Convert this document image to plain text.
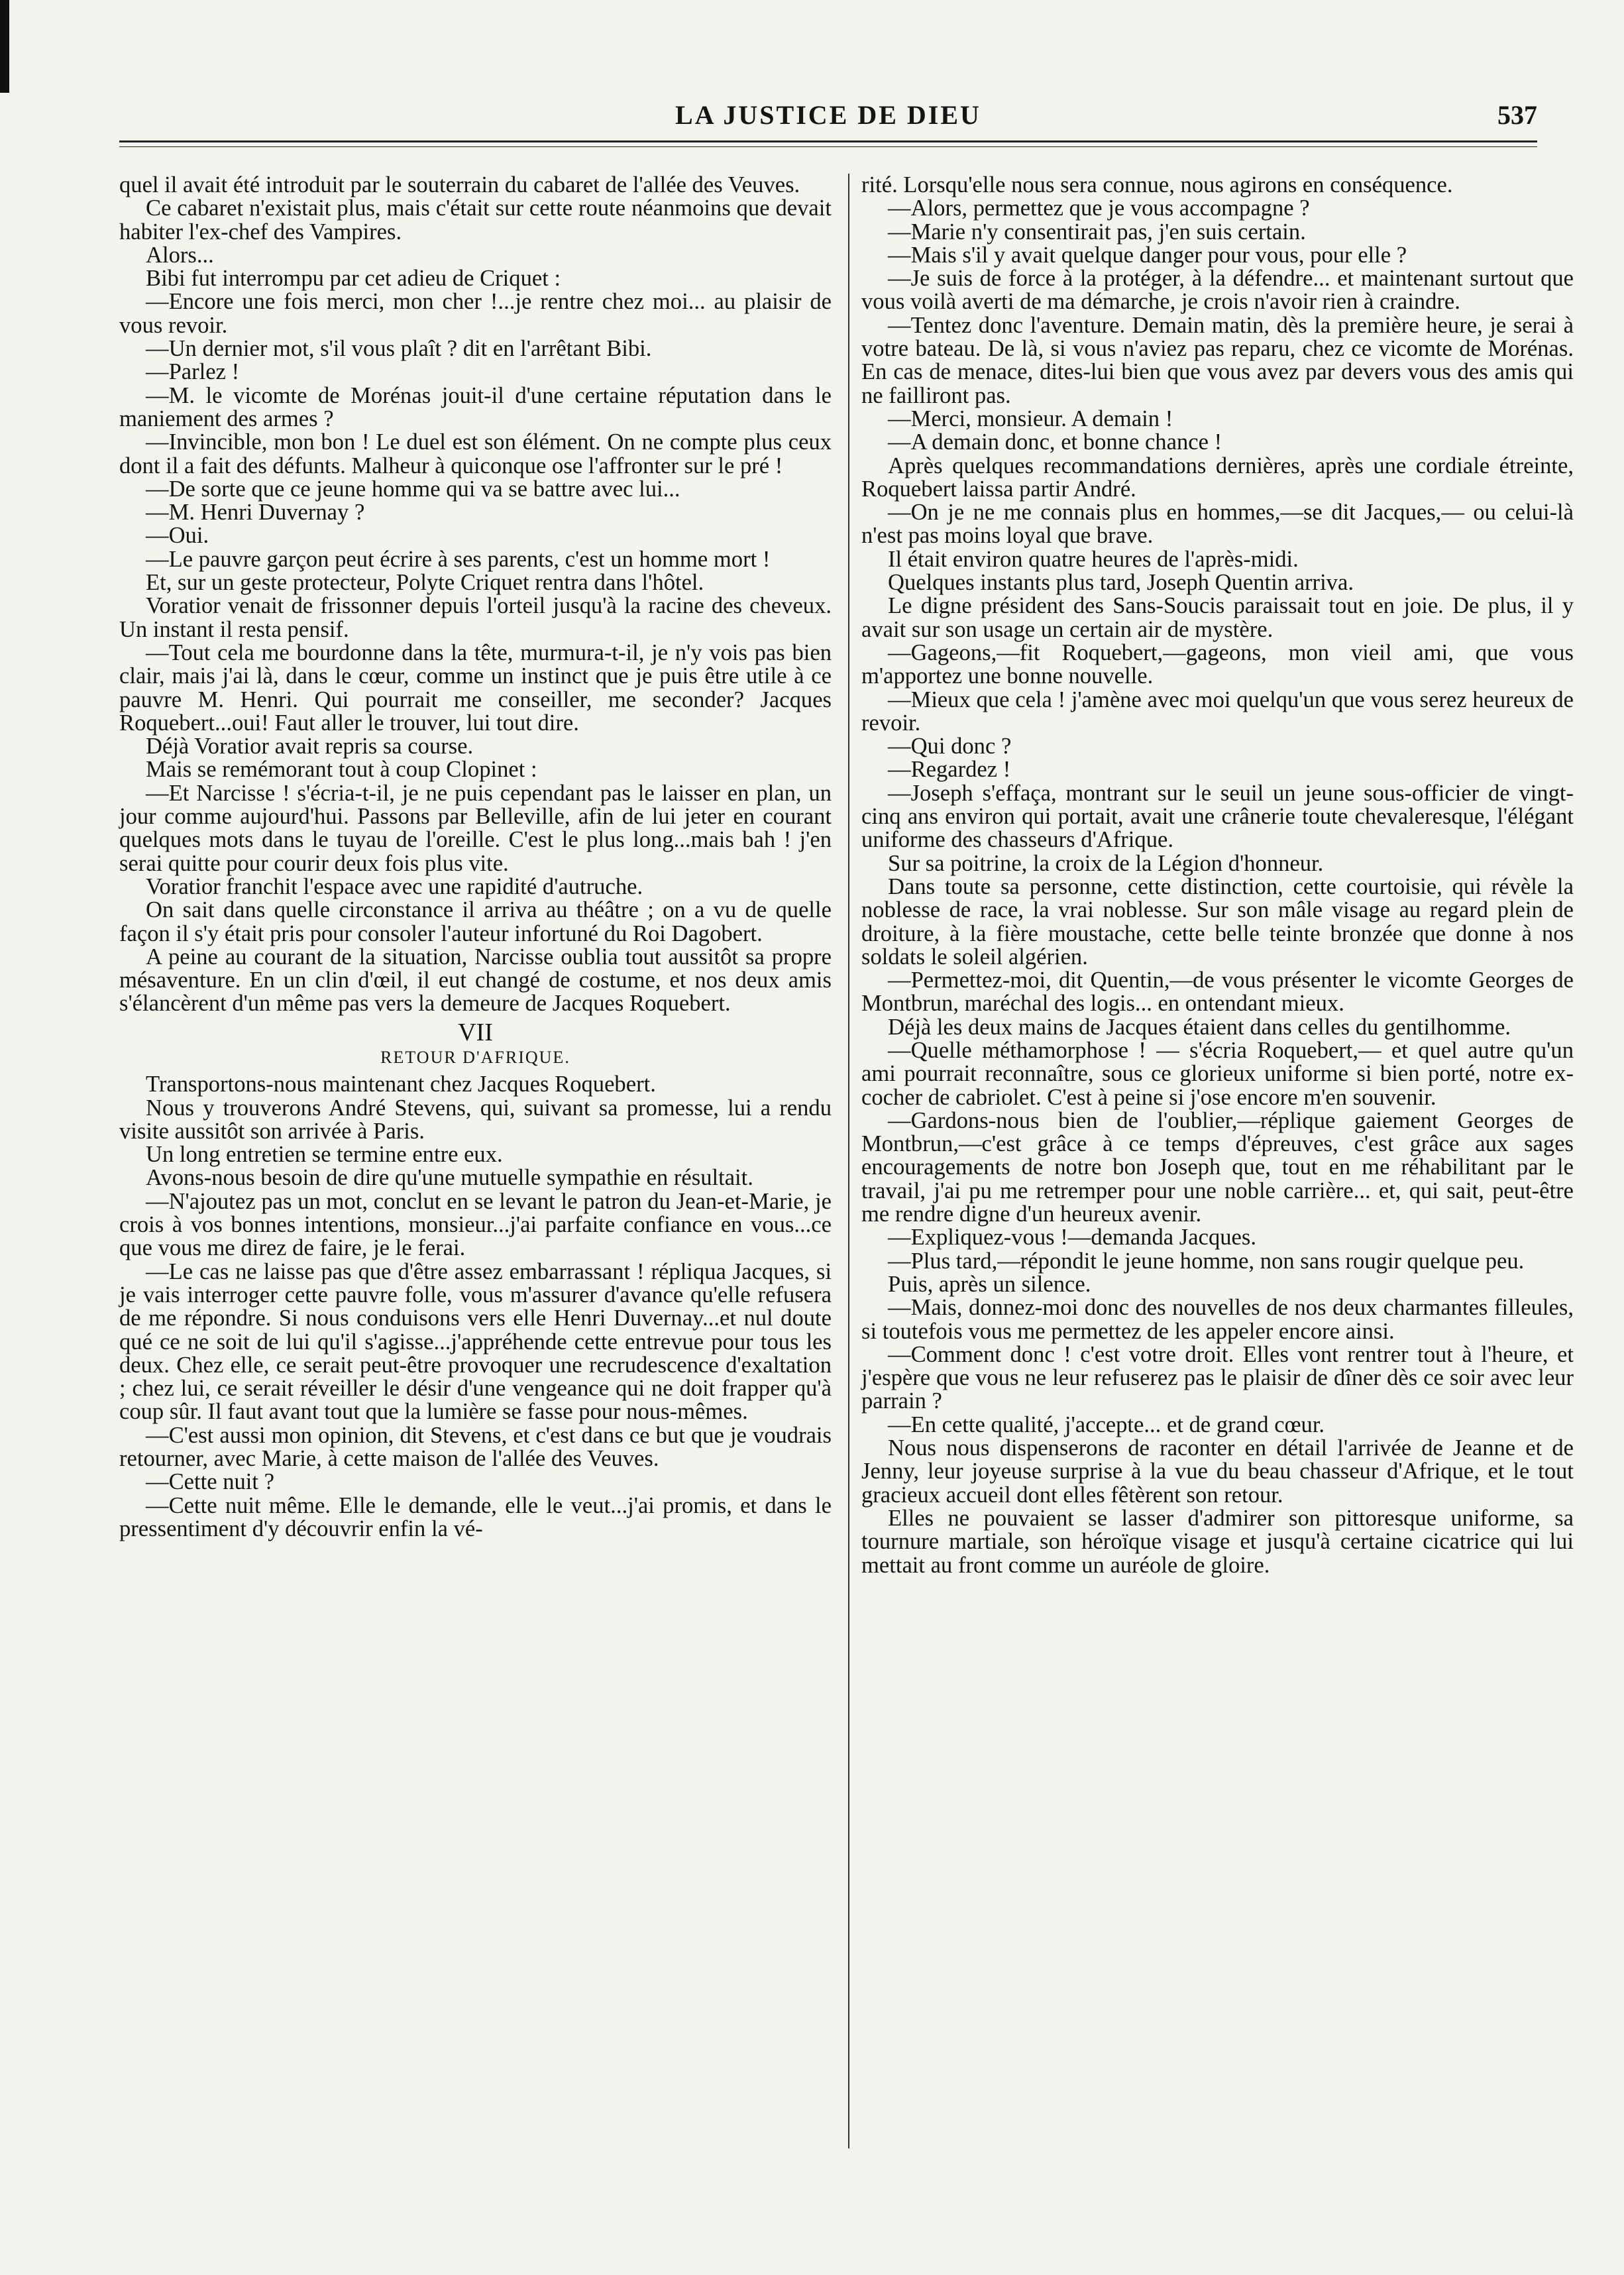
LA JUSTICE DE DIEU	537

quel il avait été introduit par le souterrain du cabaret de l'allée des Veuves.

Ce cabaret n'existait plus, mais c'était sur cette route néanmoins que devait habiter l'ex-chef des Vampires.

Alors...

Bibi fut interrompu par cet adieu de Criquet :

—Encore une fois merci, mon cher !...je rentre chez moi... au plaisir de vous revoir.

—Un dernier mot, s'il vous plaît ? dit en l'arrêtant Bibi.

—Parlez !

—M. le vicomte de Morénas jouit-il d'une certaine réputation dans le maniement des armes ?

—Invincible, mon bon ! Le duel est son élément. On ne compte plus ceux dont il a fait des défunts. Malheur à quiconque ose l'affronter sur le pré !

—De sorte que ce jeune homme qui va se battre avec lui...

—M. Henri Duvernay ?

—Oui.

—Le pauvre garçon peut écrire à ses parents, c'est un homme mort !

Et, sur un geste protecteur, Polyte Criquet rentra dans l'hôtel.

Voratior venait de frissonner depuis l'orteil jusqu'à la racine des cheveux. Un instant il resta pensif.

—Tout cela me bourdonne dans la tête, murmura-t-il, je n'y vois pas bien clair, mais j'ai là, dans le cœur, comme un instinct que je puis être utile à ce pauvre M. Henri. Qui pourrait me conseiller, me seconder? Jacques Roquebert...oui! Faut aller le trouver, lui tout dire.

Déjà Voratior avait repris sa course.

Mais se remémorant tout à coup Clopinet :

—Et Narcisse ! s'écria-t-il, je ne puis cependant pas le laisser en plan, un jour comme aujourd'hui. Passons par Belleville, afin de lui jeter en courant quelques mots dans le tuyau de l'oreille. C'est le plus long...mais bah ! j'en serai quitte pour courir deux fois plus vite.

Voratior franchit l'espace avec une rapidité d'autruche.

On sait dans quelle circonstance il arriva au théâtre ; on a vu de quelle façon il s'y était pris pour consoler l'auteur infortuné du Roi Dagobert.

A peine au courant de la situation, Narcisse oublia tout aussitôt sa propre mésaventure. En un clin d'œil, il eut changé de costume, et nos deux amis s'élancèrent d'un même pas vers la demeure de Jacques Roquebert.

VII

RETOUR D'AFRIQUE.

Transportons-nous maintenant chez Jacques Roquebert.

Nous y trouverons André Stevens, qui, suivant sa promesse, lui a rendu visite aussitôt son arrivée à Paris.

Un long entretien se termine entre eux.

Avons-nous besoin de dire qu'une mutuelle sympathie en résultait.

—N'ajoutez pas un mot, conclut en se levant le patron du Jean-et-Marie, je crois à vos bonnes intentions, monsieur...j'ai parfaite confiance en vous...ce que vous me direz de faire, je le ferai.

—Le cas ne laisse pas que d'être assez embarrassant ! répliqua Jacques, si je vais interroger cette pauvre folle, vous m'assurer d'avance qu'elle refusera de me répondre. Si nous conduisons vers elle Henri Duvernay...et nul doute qué ce ne soit de lui qu'il s'agisse...j'appréhende cette entrevue pour tous les deux. Chez elle, ce serait peut-être provoquer une recrudescence d'exaltation ; chez lui, ce serait réveiller le désir d'une vengeance qui ne doit frapper qu'à coup sûr. Il faut avant tout que la lumière se fasse pour nous-mêmes.

—C'est aussi mon opinion, dit Stevens, et c'est dans ce but que je voudrais retourner, avec Marie, à cette maison de l'allée des Veuves.

—Cette nuit ?

—Cette nuit même. Elle le demande, elle le veut...j'ai promis, et dans le pressentiment d'y découvrir enfin la vé-

rité. Lorsqu'elle nous sera connue, nous agirons en conséquence.

—Alors, permettez que je vous accompagne ?

—Marie n'y consentirait pas, j'en suis certain.

—Mais s'il y avait quelque danger pour vous, pour elle ?

—Je suis de force à la protéger, à la défendre... et maintenant surtout que vous voilà averti de ma démarche, je crois n'avoir rien à craindre.

—Tentez donc l'aventure. Demain matin, dès la première heure, je serai à votre bateau. De là, si vous n'aviez pas reparu, chez ce vicomte de Morénas. En cas de menace, dites-lui bien que vous avez par devers vous des amis qui ne failliront pas.

—Merci, monsieur. A demain !

—A demain donc, et bonne chance !

Après quelques recommandations dernières, après une cordiale étreinte, Roquebert laissa partir André.

—On je ne me connais plus en hommes,—se dit Jacques,— ou celui-là n'est pas moins loyal que brave.

Il était environ quatre heures de l'après-midi.

Quelques instants plus tard, Joseph Quentin arriva.

Le digne président des Sans-Soucis paraissait tout en joie. De plus, il y avait sur son usage un certain air de mystère.

—Gageons,—fit Roquebert,—gageons, mon vieil ami, que vous m'apportez une bonne nouvelle.

—Mieux que cela ! j'amène avec moi quelqu'un que vous serez heureux de revoir.

—Qui donc ?

—Regardez !

—Joseph s'effaça, montrant sur le seuil un jeune sous-officier de vingt-cinq ans environ qui portait, avait une crânerie toute chevaleresque, l'élégant uniforme des chasseurs d'Afrique.

Sur sa poitrine, la croix de la Légion d'honneur.

Dans toute sa personne, cette distinction, cette courtoisie, qui révèle la noblesse de race, la vrai noblesse. Sur son mâle visage au regard plein de droiture, à la fière moustache, cette belle teinte bronzée que donne à nos soldats le soleil algérien.

—Permettez-moi, dit Quentin,—de vous présenter le vicomte Georges de Montbrun, maréchal des logis... en ontendant mieux.

Déjà les deux mains de Jacques étaient dans celles du gentilhomme.

—Quelle méthamorphose ! — s'écria Roquebert,— et quel autre qu'un ami pourrait reconnaître, sous ce glorieux uniforme si bien porté, notre ex-cocher de cabriolet. C'est à peine si j'ose encore m'en souvenir.

—Gardons-nous bien de l'oublier,—réplique gaiement Georges de Montbrun,—c'est grâce à ce temps d'épreuves, c'est grâce aux sages encouragements de notre bon Joseph que, tout en me réhabilitant par le travail, j'ai pu me retremper pour une noble carrière... et, qui sait, peut-être me rendre digne d'un heureux avenir.

—Expliquez-vous !—demanda Jacques.

—Plus tard,—répondit le jeune homme, non sans rougir quelque peu.

Puis, après un silence.

—Mais, donnez-moi donc des nouvelles de nos deux charmantes filleules, si toutefois vous me permettez de les appeler encore ainsi.

—Comment donc ! c'est votre droit. Elles vont rentrer tout à l'heure, et j'espère que vous ne leur refuserez pas le plaisir de dîner dès ce soir avec leur parrain ?

—En cette qualité, j'accepte... et de grand cœur.

Nous nous dispenserons de raconter en détail l'arrivée de Jeanne et de Jenny, leur joyeuse surprise à la vue du beau chasseur d'Afrique, et le tout gracieux accueil dont elles fêtèrent son retour.

Elles ne pouvaient se lasser d'admirer son pittoresque uniforme, sa tournure martiale, son héroïque visage et jusqu'à certaine cicatrice qui lui mettait au front comme un auréole de gloire.
